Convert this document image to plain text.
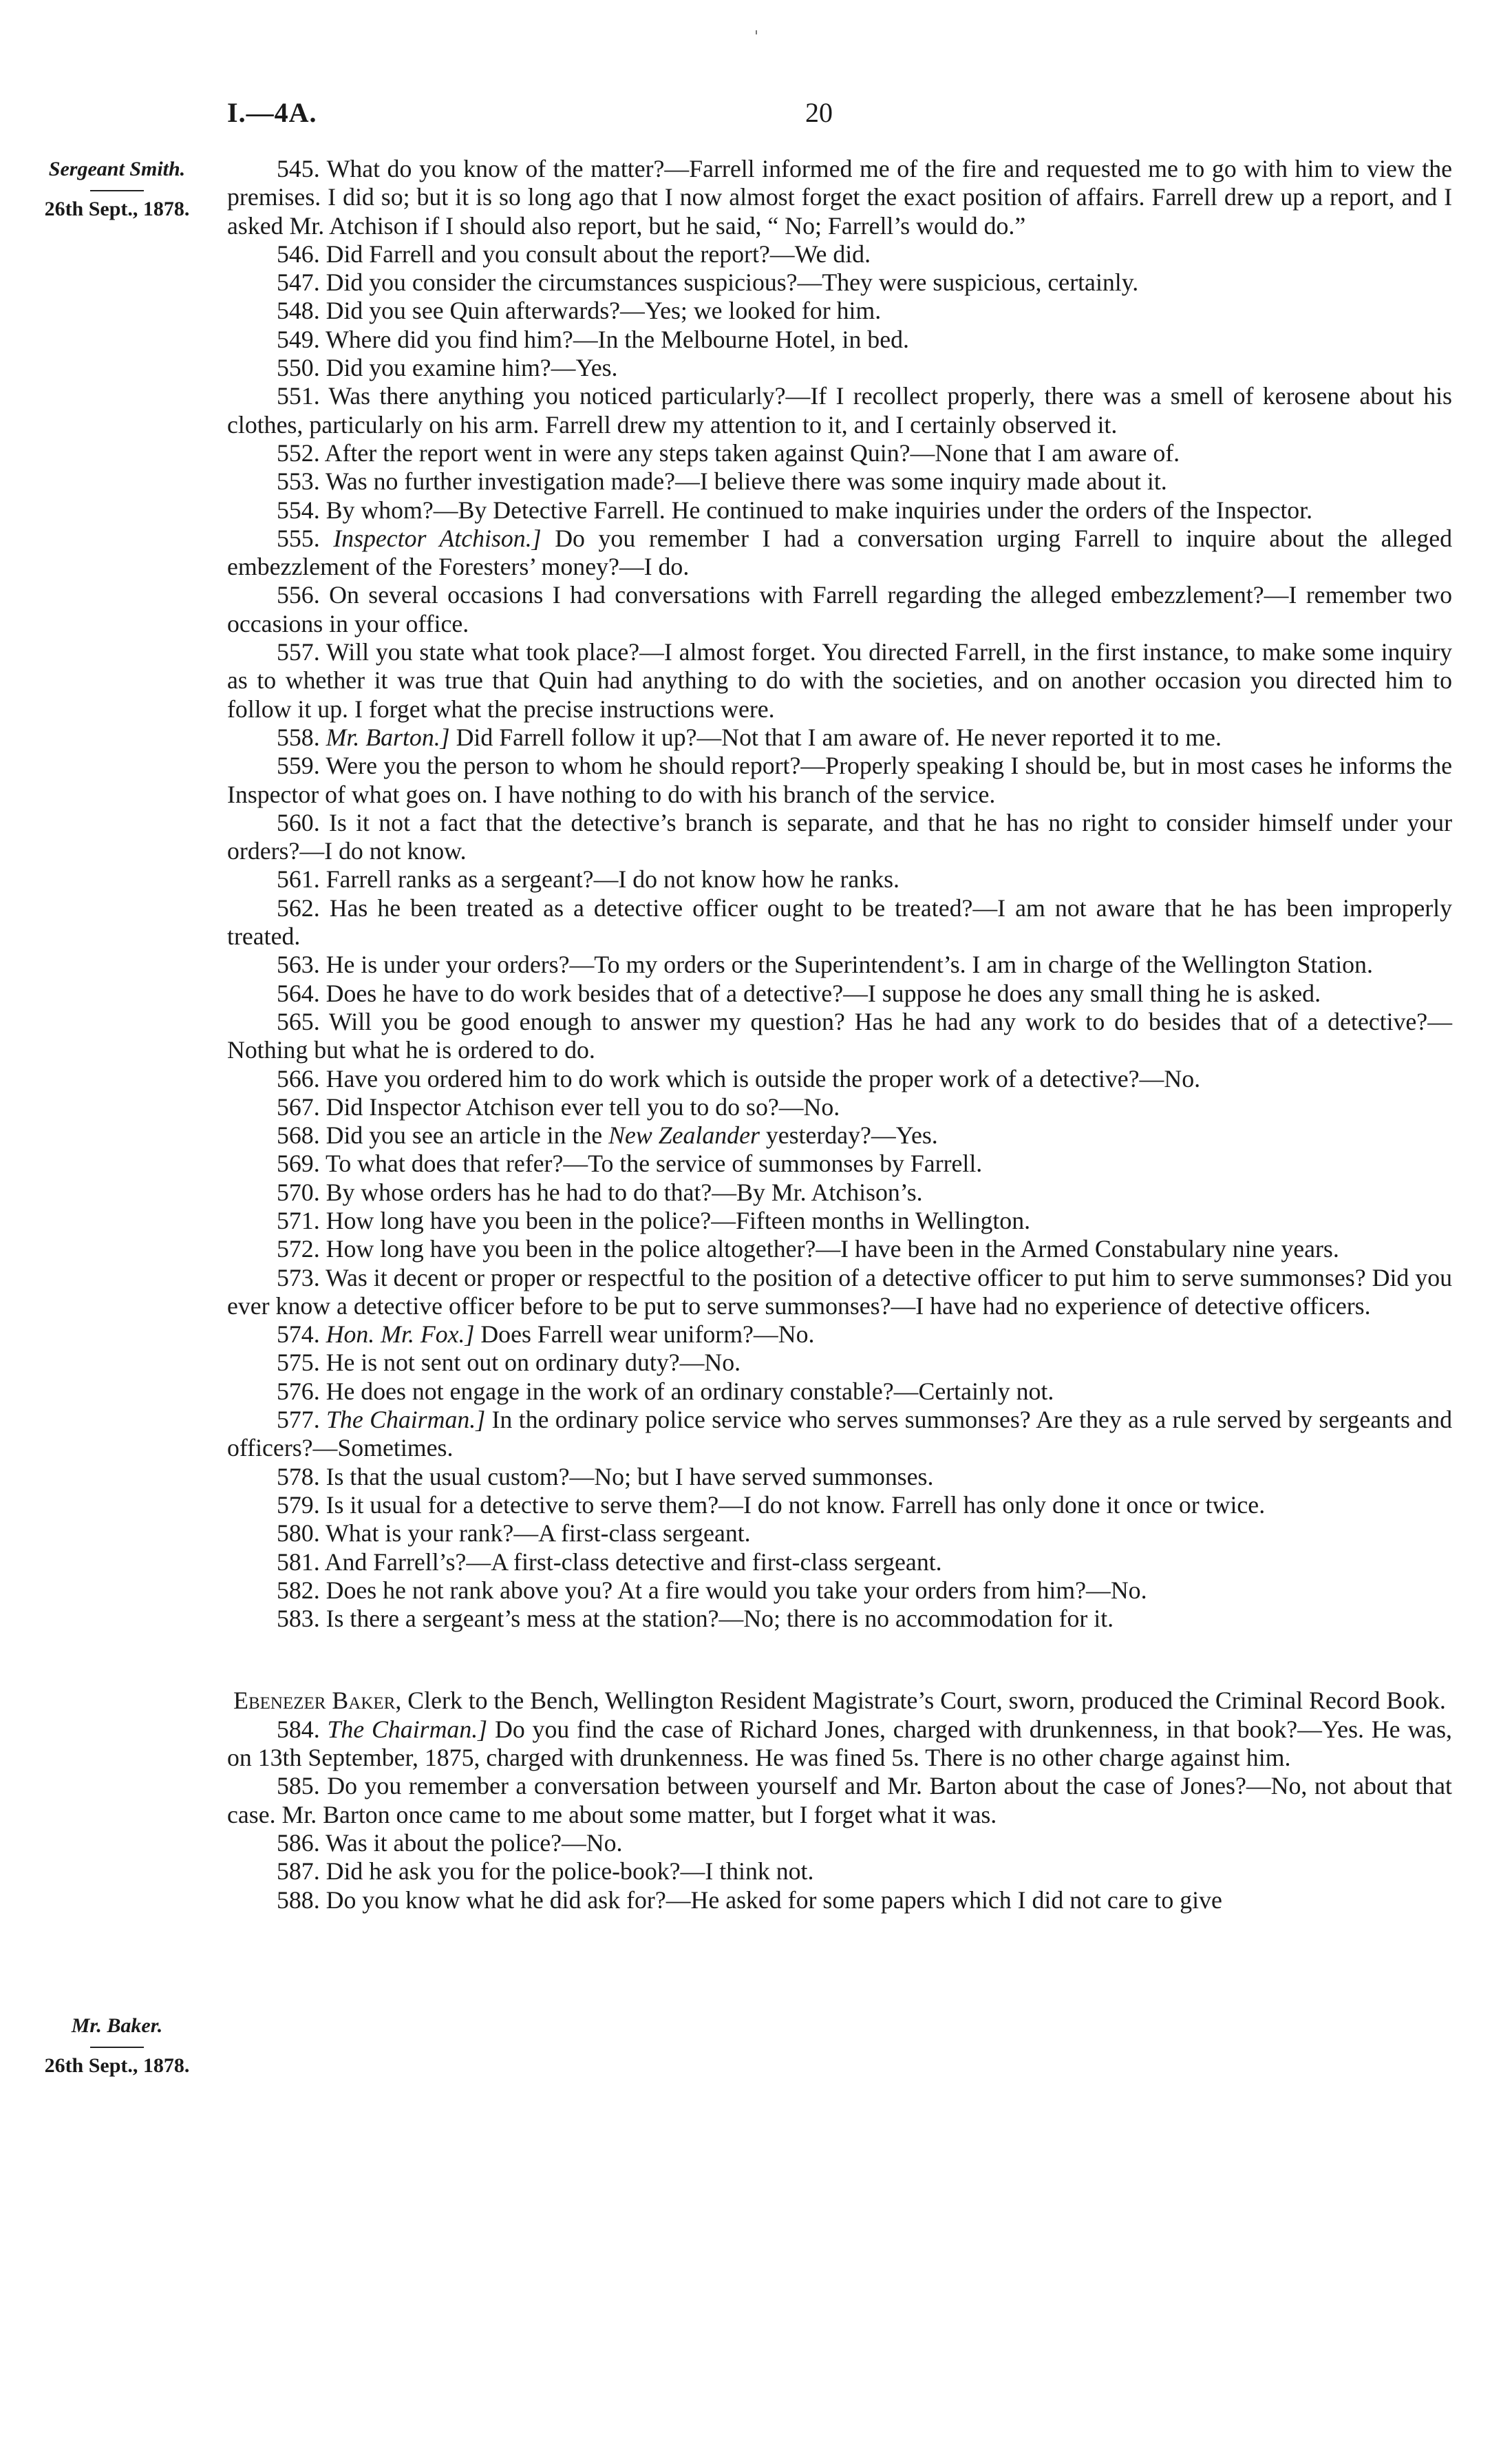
I.—4A.	20
Sergeant Smith.
26th Sept., 1878.
Mr. Baker.
26th Sept., 1878.

545. What do you know of the matter?—Farrell informed me of the fire and requested me to go with him to view the premises. I did so; but it is so long ago that I now almost forget the exact position of affairs. Farrell drew up a report, and I asked Mr. Atchison if I should also report, but he said, “ No; Farrell’s would do.”

546. Did Farrell and you consult about the report?—We did.

547. Did you consider the circumstances suspicious?—They were suspicious, certainly.

548. Did you see Quin afterwards?—Yes; we looked for him.

549. Where did you find him?—In the Melbourne Hotel, in bed.

550. Did you examine him?—Yes.

551. Was there anything you noticed particularly?—If I recollect properly, there was a smell of kerosene about his clothes, particularly on his arm. Farrell drew my attention to it, and I certainly observed it.

552. After the report went in were any steps taken against Quin?—None that I am aware of.

553. Was no further investigation made?—I believe there was some inquiry made about it.

554. By whom?—By Detective Farrell. He continued to make inquiries under the orders of the Inspector.

555. Inspector Atchison.] Do you remember I had a conversation urging Farrell to inquire about the alleged embezzlement of the Foresters’ money?—I do.

556. On several occasions I had conversations with Farrell regarding the alleged embezzlement?—I remember two occasions in your office.

557. Will you state what took place?—I almost forget. You directed Farrell, in the first instance, to make some inquiry as to whether it was true that Quin had anything to do with the societies, and on another occasion you directed him to follow it up. I forget what the precise instructions were.

558. Mr. Barton.] Did Farrell follow it up?—Not that I am aware of. He never reported it to me.

559. Were you the person to whom he should report?—Properly speaking I should be, but in most cases he informs the Inspector of what goes on. I have nothing to do with his branch of the service.

560. Is it not a fact that the detective’s branch is separate, and that he has no right to consider himself under your orders?—I do not know.

561. Farrell ranks as a sergeant?—I do not know how he ranks.

562. Has he been treated as a detective officer ought to be treated?—I am not aware that he has been improperly treated.

563. He is under your orders?—To my orders or the Superintendent’s. I am in charge of the Wellington Station.

564. Does he have to do work besides that of a detective?—I suppose he does any small thing he is asked.

565. Will you be good enough to answer my question? Has he had any work to do besides that of a detective?—Nothing but what he is ordered to do.

566. Have you ordered him to do work which is outside the proper work of a detective?—No.

567. Did Inspector Atchison ever tell you to do so?—No.

568. Did you see an article in the New Zealander yesterday?—Yes.

569. To what does that refer?—To the service of summonses by Farrell.

570. By whose orders has he had to do that?—By Mr. Atchison’s.

571. How long have you been in the police?—Fifteen months in Wellington.

572. How long have you been in the police altogether?—I have been in the Armed Constabulary nine years.

573. Was it decent or proper or respectful to the position of a detective officer to put him to serve summonses? Did you ever know a detective officer before to be put to serve summonses?—I have had no experience of detective officers.

574. Hon. Mr. Fox.] Does Farrell wear uniform?—No.

575. He is not sent out on ordinary duty?—No.

576. He does not engage in the work of an ordinary constable?—Certainly not.

577. The Chairman.] In the ordinary police service who serves summonses? Are they as a rule served by sergeants and officers?—Sometimes.

578. Is that the usual custom?—No; but I have served summonses.

579. Is it usual for a detective to serve them?—I do not know. Farrell has only done it once or twice.

580. What is your rank?—A first-class sergeant.

581. And Farrell’s?—A first-class detective and first-class sergeant.

582. Does he not rank above you? At a fire would you take your orders from him?—No.

583. Is there a sergeant’s mess at the station?—No; there is no accommodation for it.

Ebenezer Baker, Clerk to the Bench, Wellington Resident Magistrate’s Court, sworn, produced the Criminal Record Book.

584. The Chairman.] Do you find the case of Richard Jones, charged with drunkenness, in that book?—Yes. He was, on 13th September, 1875, charged with drunkenness. He was fined 5s. There is no other charge against him.

585. Do you remember a conversation between yourself and Mr. Barton about the case of Jones?—No, not about that case. Mr. Barton once came to me about some matter, but I forget what it was.

586. Was it about the police?—No.

587. Did he ask you for the police-book?—I think not.

588. Do you know what he did ask for?—He asked for some papers which I did not care to give
